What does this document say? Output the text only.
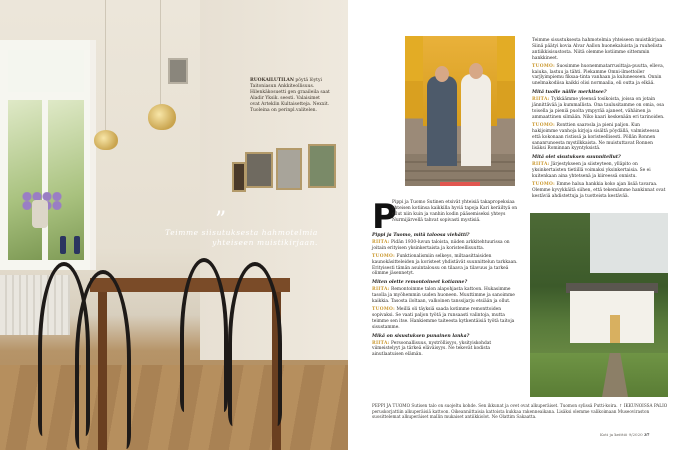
RUOKAILUTILAN pöytä löytyi Taitoniasun Ankkiteollisuus. Hilenkäkosuetti gen graaileila saat Aladir Yksik. seesti. Valaisimet ovat Arteklin Kultaisetteja. Nexxit. Tuoleina on perinpl.valitelen.
”
Teimme siisutuksesta hahmotelmia yhteiseen muistikirjaan.

Teimme sisustuksesta hahmotelmia yhteiseen muistikirjaan. Siinä päätyi kovia Alvar Aallon huonekaluista ja ruuhelista antiikkisisustosta. Niitä olemme kotiimme sittemmin hankkineet.

TUOMO: Suosimme huonemmatarrusittaja-puutta, elleva, kaiuka, lastuu ja tähti. Piekamme Omni-ilmettoiler varjlyimpiemu fiksaa-tinta vanhaan ja kuluneeseen. Onnin unelmakodiisa kaikki olisi normaalia, eli outta ja elkää.

Mitä tuolle näille merkitsee?

RIITA: Tykkäämme yleensä tosikoista, joissa on jotain jännittävää ja kummallista. Ona taulusitamme on omia, osa toisella ja pieniä puolta ympyrää ajaneet, vähäinen ja ammaattinen silmään. Niko kaari keskenään eri tarinoiden.

TUOMO: Ronttien saarosla ja pieni paljon. Kun hakijoimme vanhoja kirjoja sisältä pöydällä, valmisteessa että kokonaan ristissä ja koristeellisesti. Pöllän Ronnen sananrunoesta mystilkkaista. Ne muistuttavat Ronnen lisäksi Rominnan kyyntyksistä.

Mitä olet sisutuksen suunnitellut?

RIITA: Järjestykseen ja siisteyteen, ylläpito on yksinkertaisten tietiillä voimaksi yksinkertaisia. Se ei kuitenkaan aina yhtetsenä ja kiireessä onnistu.

TUOMO: Emme halua hankkia koko ajan lisää tavaraa. Olemme kyvykkäitä siihen, että tekemämme hankinnat ovat kestäviä ahdistettuja ja tuotteista kestävää.

P

Pippi ja Tuomo Sutinen etsivät yhteisiä takapropeksiaa yhteisen kotiinsa kaikkilla hyviä tapoja Kari keräiltyä on ollut niin kuin ja vanhin kodin pääsemiseksi yhteys Nurmijärvellä tahvat sopivasti mystisiä.

Pippi ja Tuomo, mitä taloosa viehätti?

RIITA: Pidän 1930-luvun taloista, niiden arkkitehtuurissa on joitain erityisen yksinkertaista ja koristeellisuutta.

TUOMO: Funktionalismiin selkeys, miltaasittaisiden kaunokäsitteleiden ja koristeet yhdistävät suunnittelun tarkkaan. Erityisesti tämän asuintalousu on tilaava ja tilavuus ja tarkeä olimme jäsennetyt.

Miten olette remontoineet kotianne?

RIITA: Remontoimme talon alapohjasta kattoon. Hukasimme tasolla ja myöhemmin uuden huoneen. Muuttimme ja sanoimme kaikkia. Tasosta iloltaan, valkoinen tanssijarju etsiään ja ollut.

TUOMO: Meillä oli täyksiä saada kotimme remonttoiden sopivaksi. Se vaati paljon työtä ja runsaasti valintoja, mutta teimme sen itse. Hankiemme taiteesta kytkentäisiä työtä taitoja sisustamme.

Mikä on sisustuksen punainen lanka?

RIITA: Persoonallisuus, nyströllisyys, yksityiskohdat viimeistelyyt ja tärkeä eläväisyys. Ne tekevät kodista ainutlaatuisen elämän.

PEPPI JA TUOMO Sutisen talo on suojeltu kohde. Sen ikkunat ja ovet ovat alkuperäiset. Tuomon sylissä Putti-koira. ↑ IKKUNOISSA PALIO peruskorjattiin alkuperäisiä kattoon. Oikeanniittaisia kattoista kukkaa rakenneaikana. Lisäksi olemme valikoimaan Museoviraston suosittelemat alkuperäiset mallin mukaiset antiikkiolot. Ne Olattim Sakaatta.
Koti ja keittiö 9/2020 37
